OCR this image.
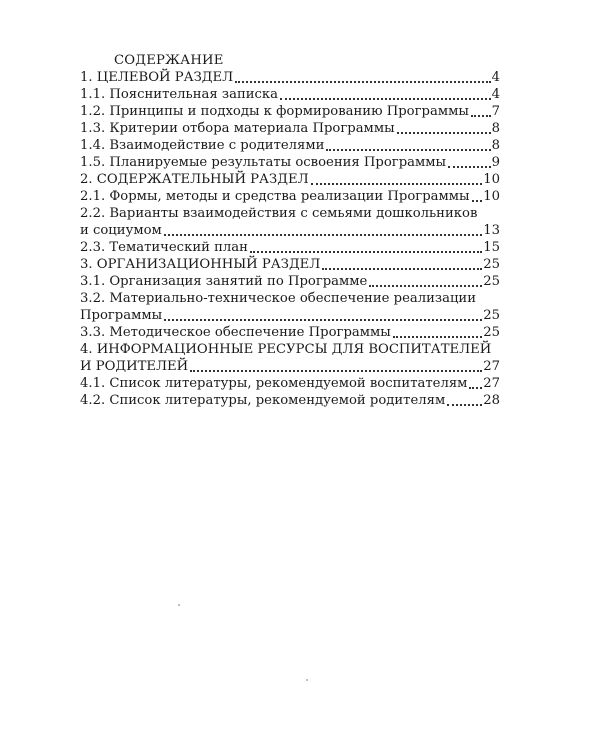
СОДЕРЖАНИЕ
1. ЦЕЛЕВОЙ РАЗДЕЛ	4
1.1. Пояснительная записка	4
1.2. Принципы и подходы к формированию Программы 7
1.3. Критерии отбора материала Программы	8
1.4. Взаимодействие с родителями	8
1.5. Планируемые результаты освоения Программы	9
2. СОДЕРЖАТЕЛЬНЫЙ РАЗДЕЛ	10
2.1. Формы, методы и средства реализации Программы 10
2.2. Варианты взаимодействия с семьями дошкольников
и социумом	13
2.3. Тематический план	15
3. ОРГАНИЗАЦИОННЫЙ РАЗДЕЛ	25
3.1. Организация занятий по Программе	25
3.2. Материально-техническое обеспечение реализации
Программы	25
3.3. Методическое обеспечение Программы	25
4. ИНФОРМАЦИОННЫЕ РЕСУРСЫ ДЛЯ ВОСПИТАТЕЛЕЙ
И РОДИТЕЛЕЙ	27
4.1. Список литературы, рекомендуемой воспитателям 27
4.2. Список литературы, рекомендуемой родителям	28
